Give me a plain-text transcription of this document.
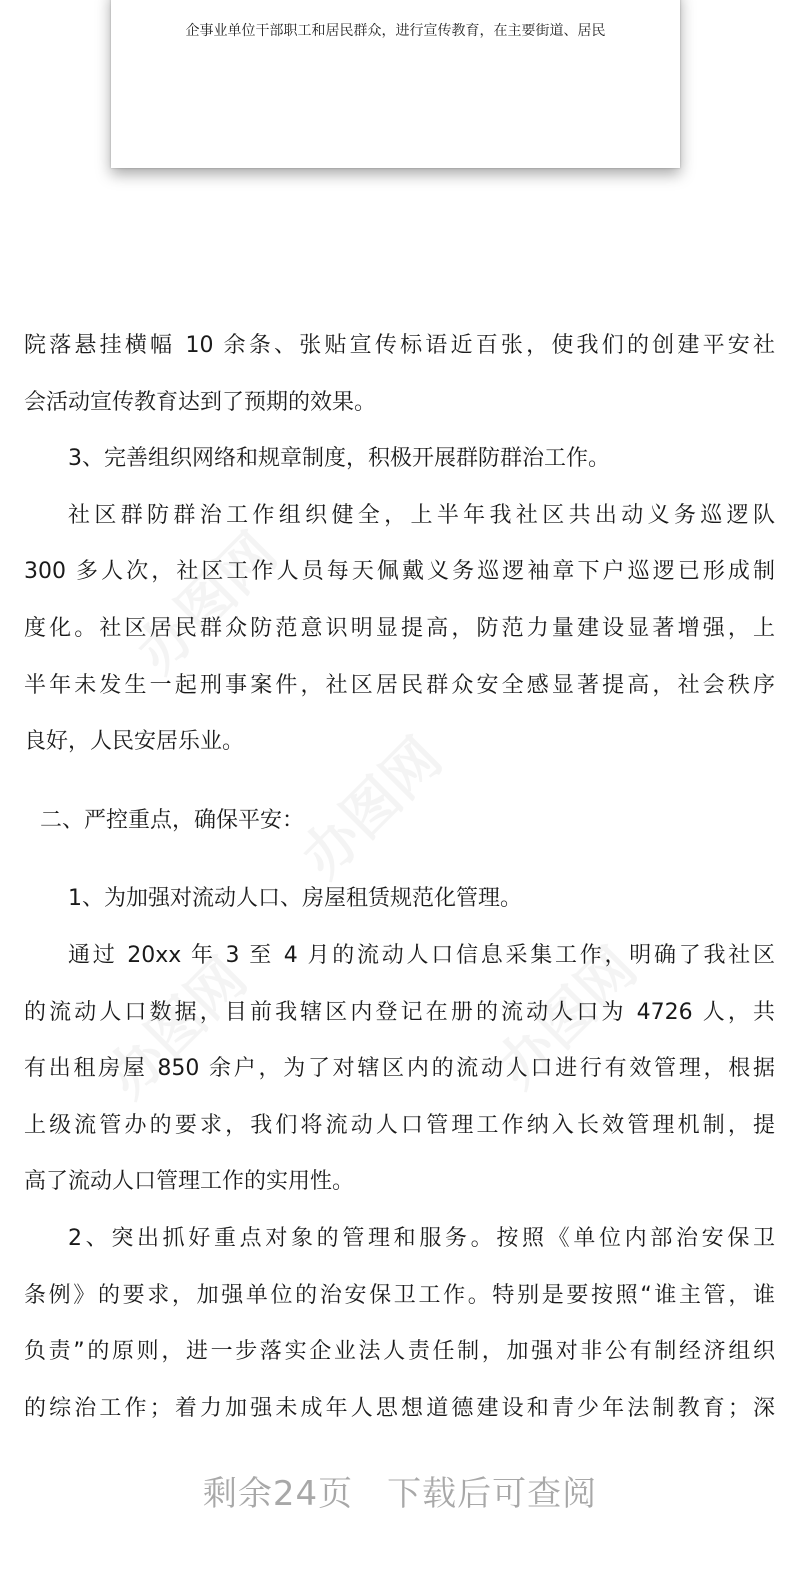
企事业单位干部职工和居民群众，进行宣传教育，在主要街道、居民

院落悬挂横幅 10 余条、张贴宣传标语近百张，使我们的创建平安社

会活动宣传教育达到了预期的效果。

3、完善组织网络和规章制度，积极开展群防群治工作。

社区群防群治工作组织健全，上半年我社区共出动义务巡逻队

300 多人次，社区工作人员每天佩戴义务巡逻袖章下户巡逻已形成制

度化。社区居民群众防范意识明显提高，防范力量建设显著增强，上

半年未发生一起刑事案件，社区居民群众安全感显著提高，社会秩序

良好，人民安居乐业。

二、严控重点，确保平安：

1、为加强对流动人口、房屋租赁规范化管理。

通过 20xx 年 3 至 4 月的流动人口信息采集工作，明确了我社区

的流动人口数据，目前我辖区内登记在册的流动人口为 4726 人，共

有出租房屋 850 余户，为了对辖区内的流动人口进行有效管理，根据

上级流管办的要求，我们将流动人口管理工作纳入长效管理机制，提

高了流动人口管理工作的实用性。

2、突出抓好重点对象的管理和服务。按照《单位内部治安保卫

条例》的要求，加强单位的治安保卫工作。特别是要按照“谁主管，谁

负责”的原则，进一步落实企业法人责任制，加强对非公有制经济组织

的综治工作；着力加强未成年人思想道德建设和青少年法制教育；深

剩余24页 下载后可查阅
